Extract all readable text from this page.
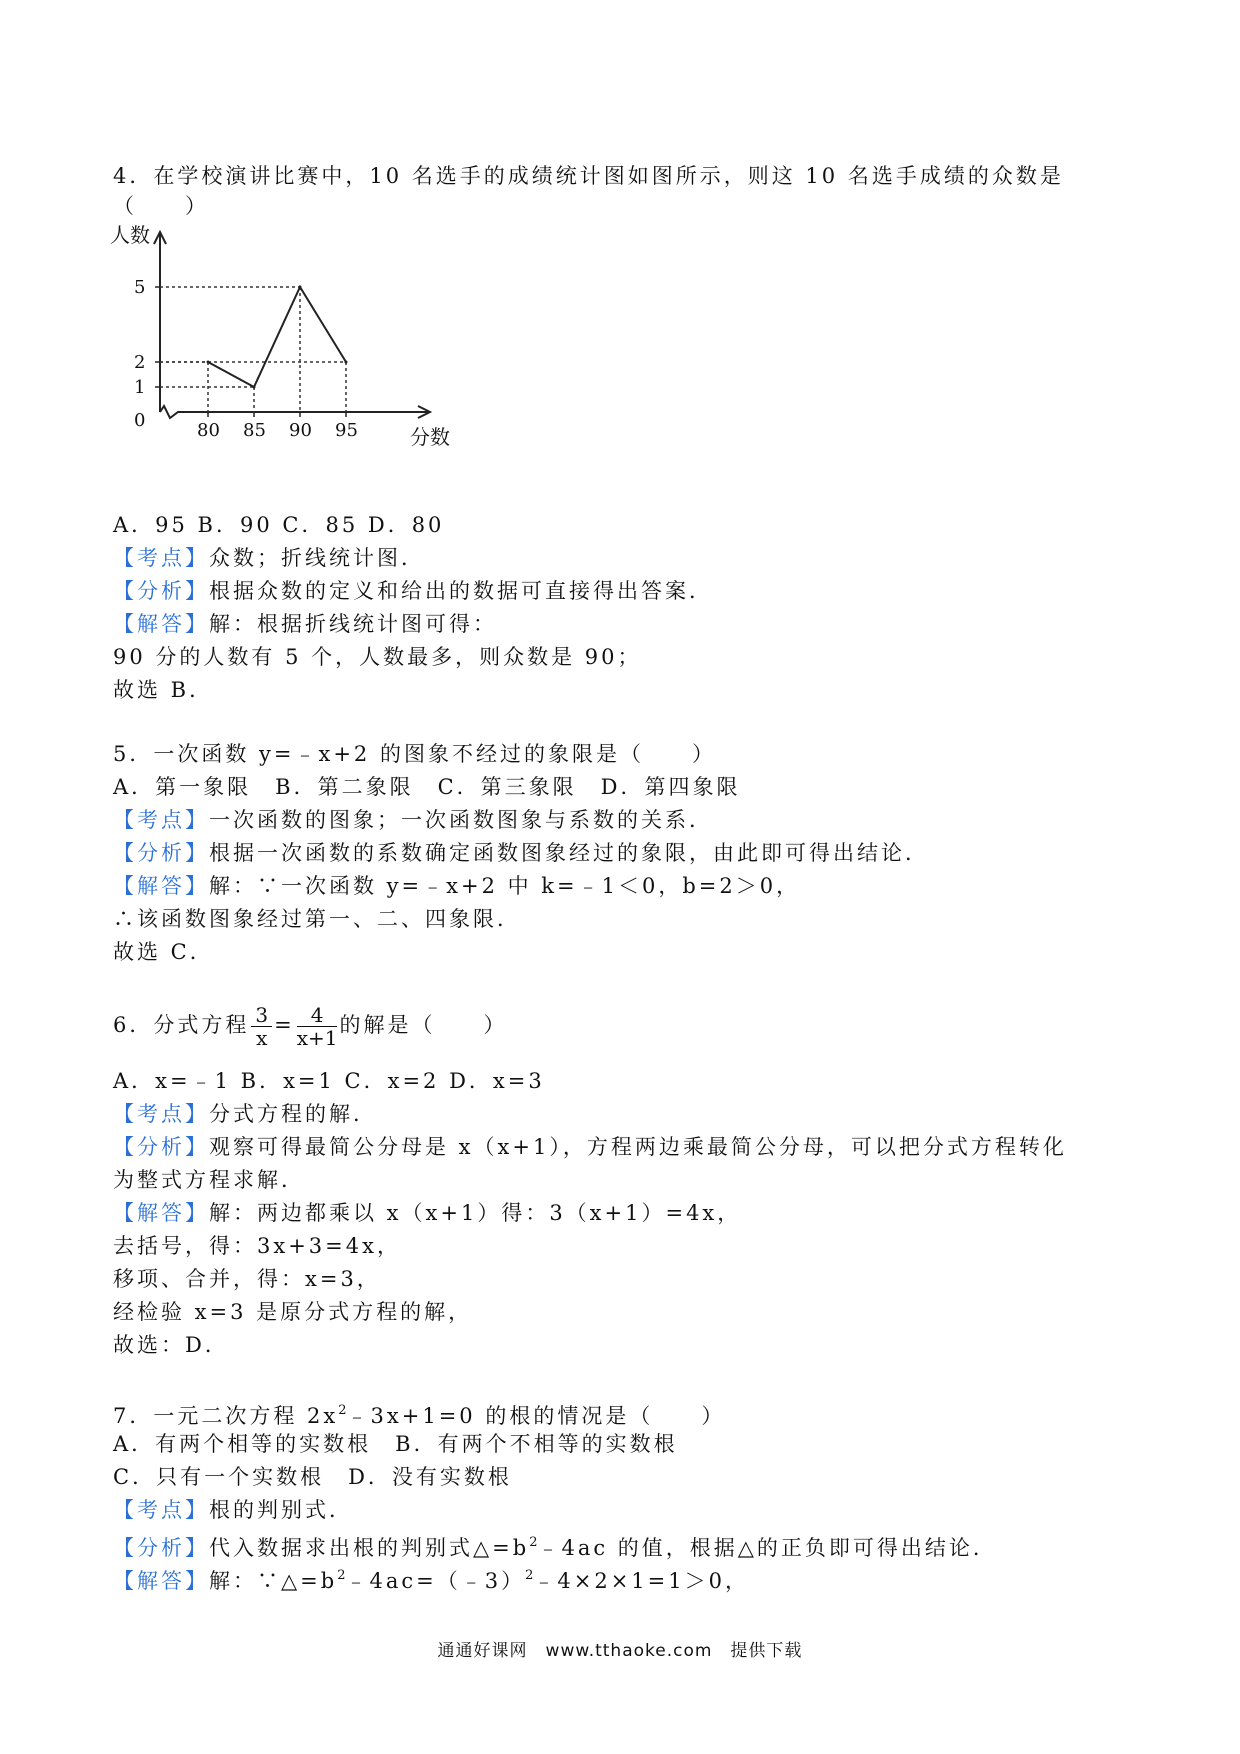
4．在学校演讲比赛中，10 名选手的成绩统计图如图所示，则这 10 名选手成绩的众数是
（　　）
人数
分数
0
1
2
5
80 85 90 95
A．95 B．90 C．85 D．80
【考点】众数；折线统计图．
【分析】根据众数的定义和给出的数据可直接得出答案．
【解答】解：根据折线统计图可得：
90 分的人数有 5 个，人数最多，则众数是 90；
故选 B．
5．一次函数 y=﹣x+2 的图象不经过的象限是（　　）
A．第一象限　B．第二象限　C．第三象限　D．第四象限
【考点】一次函数的图象；一次函数图象与系数的关系．
【分析】根据一次函数的系数确定函数图象经过的象限，由此即可得出结论．
【解答】解：∵一次函数 y=﹣x+2 中 k=﹣1＜0，b=2＞0，
∴该函数图象经过第一、二、四象限．
故选 C．
6．分式方程 $\frac{3}{x} = \frac{4}{x+1}$ 的解是（　　）
A．x=﹣1 B．x=1 C．x=2 D．x=3
【考点】分式方程的解．
【分析】观察可得最简公分母是 x（x+1），方程两边乘最简公分母，可以把分式方程转化
为整式方程求解．
【解答】解：两边都乘以 x（x+1）得：3（x+1）=4x，
去括号，得：3x+3=4x，
移项、合并，得：x=3，
经检验 x=3 是原分式方程的解，
故选：D．
7．一元二次方程 $2x^2﹣3x+1=0$ 的根的情况是（　　）
A．有两个相等的实数根　B．有两个不相等的实数根
C．只有一个实数根　D．没有实数根
【考点】根的判别式．
【分析】代入数据求出根的判别式$\triangle=b^2﹣4ac$ 的值，根据△的正负即可得出结论．
【解答】解：$\because\triangle=b^2﹣4ac=(﹣3)^2﹣4\times 2\times 1=1>0$，
通通好课网　www.tthaoke.com　提供下载
